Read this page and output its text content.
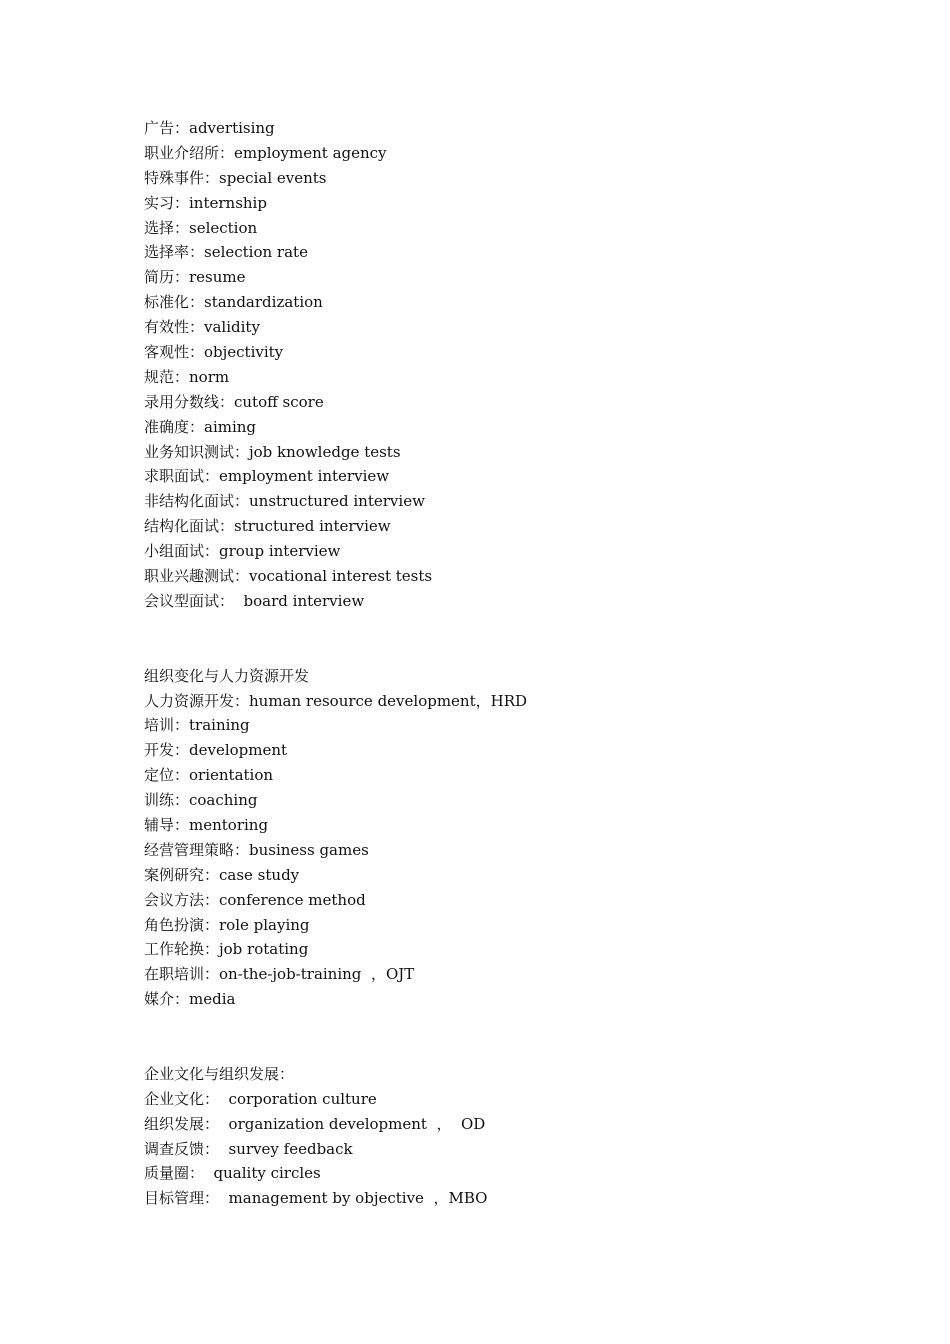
广告：advertising
职业介绍所：employment agency
特殊事件：special events
实习：internship
选择：selection
选择率：selection rate
简历：resume
标准化：standardization
有效性：validity
客观性：objectivity
规范：norm
录用分数线：cutoff score
准确度：aiming
业务知识测试：job knowledge tests
求职面试：employment interview
非结构化面试：unstructured interview
结构化面试：structured interview
小组面试：group interview
职业兴趣测试：vocational interest tests
会议型面试：  board interview
组织变化与人力资源开发
人力资源开发：human resource development，HRD
培训：training
开发：development
定位：orientation
训练：coaching
辅导：mentoring
经营管理策略：business games
案例研究：case study
会议方法：conference method
角色扮演：role playing
工作轮换：job rotating
在职培训：on-the-job-training  ，OJT
媒介：media
企业文化与组织发展：
企业文化：  corporation culture
组织发展：  organization development  ，  OD
调查反馈：  survey feedback
质量圈：  quality circles
目标管理：  management by objective  ，MBO
